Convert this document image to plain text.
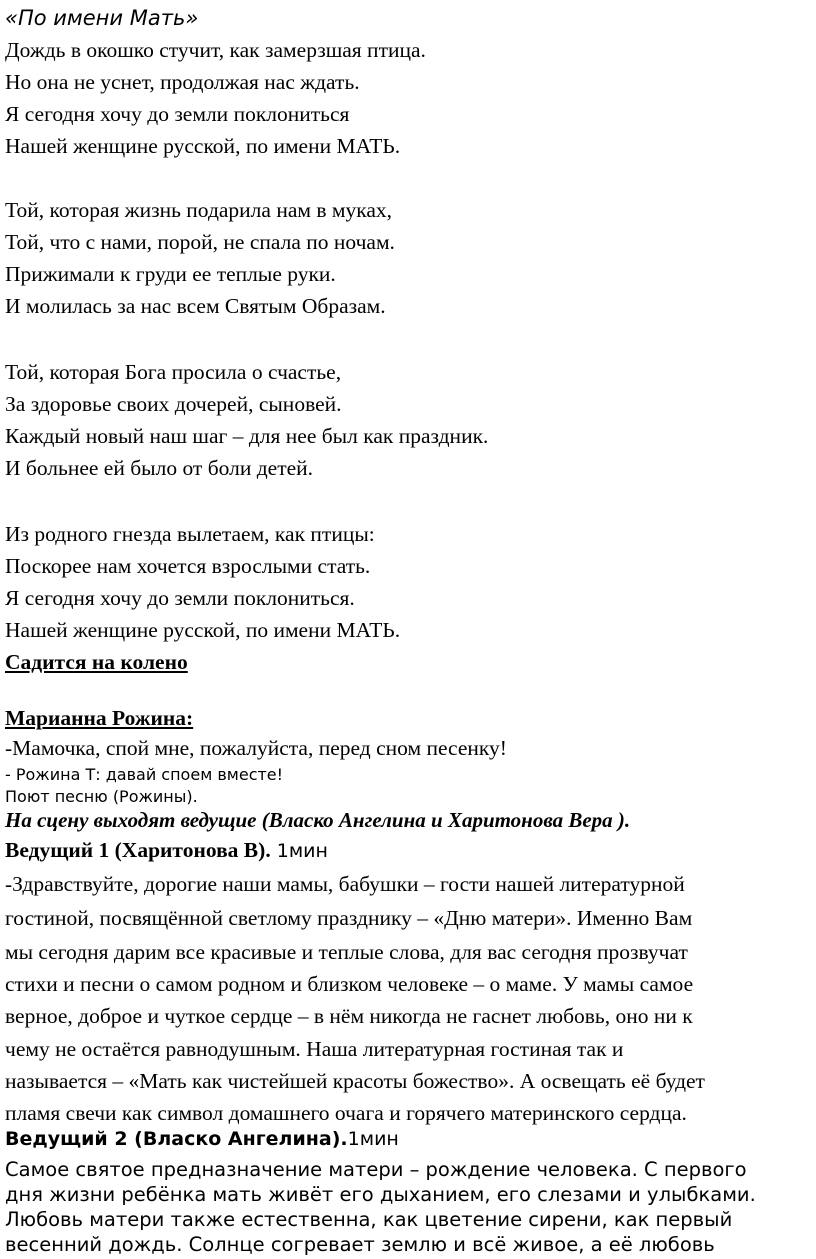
«По имени Мать»
Дождь в окошко стучит, как замерзшая птица.
Но она не уснет, продолжая нас ждать.
Я сегодня хочу до земли поклониться
Нашей женщине русской, по имени МАТЬ.
Той, которая жизнь подарила нам в муках,
Той, что с нами, порой, не спала по ночам.
Прижимали к груди ее теплые руки.
И молилась за нас всем Святым Образам.
Той, которая Бога просила о счастье,
За здоровье своих дочерей, сыновей.
Каждый новый наш шаг – для нее был как праздник.
И больнее ей было от боли детей.
Из родного гнезда вылетаем, как птицы:
Поскорее нам хочется взрослыми стать.
Я сегодня хочу до земли поклониться.
Нашей женщине русской, по имени МАТЬ.
Садится на колено
Марианна Рожина:
-Мамочка, спой мне, пожалуйста, перед сном песенку!
- Рожина Т: давай споем вместе!
Поют песню (Рожины).
На сцену выходят ведущие (Власко Ангелина и Харитонова Вера ).
Ведущий 1 (Харитонова В). 1мин
-Здравствуйте, дорогие наши мамы, бабушки – гости нашей литературной
гостиной, посвящённой светлому празднику – «Дню матери». Именно Вам
мы сегодня дарим все красивые и теплые слова, для вас сегодня прозвучат
стихи и песни о самом родном и близком человеке – о маме. У мамы самое
верное, доброе и чуткое сердце – в нём никогда не гаснет любовь, оно ни к
чему не остаётся равнодушным. Наша литературная гостиная так и
называется – «Мать как чистейшей красоты божество». А освещать её будет
пламя свечи как символ домашнего очага и горячего материнского сердца.
Ведущий 2 (Власко Ангелина).1мин
Самое святое предназначение матери – рождение человека. С первого
дня жизни ребёнка мать живёт его дыханием, его слезами и улыбками.
Любовь матери также естественна, как цветение сирени, как первый
весенний дождь. Солнце согревает землю и всё живое, а её любовь
